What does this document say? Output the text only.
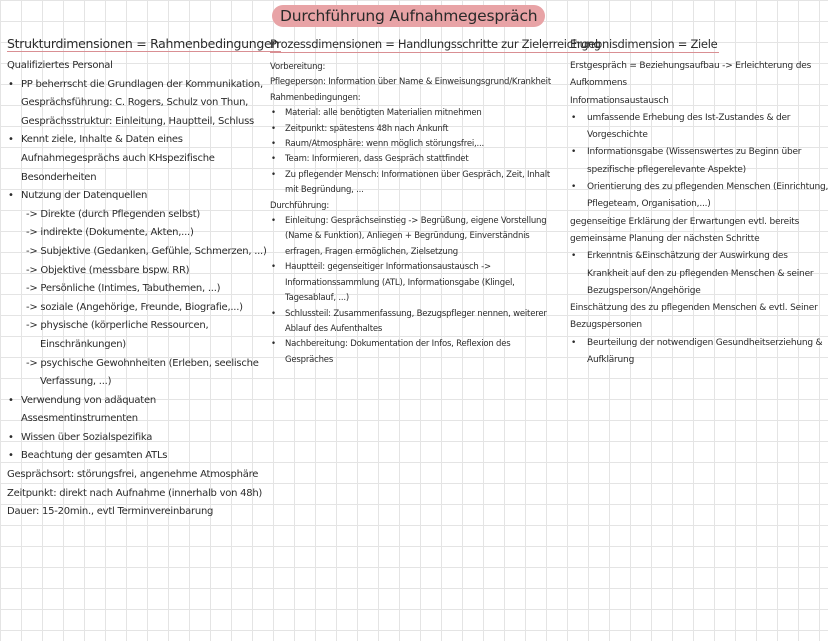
Durchführung Aufnahmegespräch
Strukturdimensionen = Rahmenbedingungen
Qualifiziertes Personal
• PP beherrscht die Grundlagen der Kommunikation,
Gesprächsführung: C. Rogers, Schulz von Thun,
Gesprächsstruktur: Einleitung, Hauptteil, Schluss
• Kennt ziele, Inhalte & Daten eines
Aufnahmegesprächs auch KHspezifische
Besonderheiten
• Nutzung der Datenquellen
-> Direkte (durch Pflegenden selbst)
-> indirekte (Dokumente, Akten,...)
-> Subjektive (Gedanken, Gefühle, Schmerzen, ...)
-> Objektive (messbare bspw. RR)
-> Persönliche (Intimes, Tabuthemen, ...)
-> soziale (Angehörige, Freunde, Biografie,...)
-> physische (körperliche Ressourcen,
Einschränkungen)
-> psychische Gewohnheiten (Erleben, seelische
Verfassung, ...)
• Verwendung von adäquaten
Assesmentinstrumenten
• Wissen über Sozialspezifika
• Beachtung der gesamten ATLs
Gesprächsort: störungsfrei, angenehme Atmosphäre
Zeitpunkt: direkt nach Aufnahme (innerhalb von 48h)
Dauer: 15-20min., evtl Terminvereinbarung
Prozessdimensionen = Handlungsschritte zur Zielerreichung
Vorbereitung:
Pflegeperson: Information über Name & Einweisungsgrund/Krankheit
Rahmenbedingungen:
• Material: alle benötigten Materialien mitnehmen
• Zeitpunkt: spätestens 48h nach Ankunft
• Raum/Atmosphäre: wenn möglich störungsfrei,...
• Team: Informieren, dass Gespräch stattfindet
• Zu pflegender Mensch: Informationen über Gespräch, Zeit, Inhalt
mit Begründung, ...
Durchführung:
• Einleitung: Gesprächseinstieg -> Begrüßung, eigene Vorstellung
(Name & Funktion), Anliegen + Begründung, Einverständnis
erfragen, Fragen ermöglichen, Zielsetzung
• Hauptteil: gegenseitiger Informationsaustausch ->
Informationssammlung (ATL), Informationsgabe (Klingel,
Tagesablauf, ...)
• Schlussteil: Zusammenfassung, Bezugspfleger nennen, weiterer
Ablauf des Aufenthaltes
• Nachbereitung: Dokumentation der Infos, Reflexion des
Gespräches
Ergebnisdimension = Ziele
Erstgespräch = Beziehungsaufbau -> Erleichterung des
Aufkommens
Informationsaustausch
• umfassende Erhebung des Ist-Zustandes & der
Vorgeschichte
• Informationsgabe (Wissenswertes zu Beginn über
spezifische pflegerelevante Aspekte)
• Orientierung des zu pflegenden Menschen (Einrichtung,
Pflegeteam, Organisation,...)
gegenseitige Erklärung der Erwartungen evtl. bereits
gemeinsame Planung der nächsten Schritte
• Erkenntnis &Einschätzung der Auswirkung des
Krankheit auf den zu pflegenden Menschen & seiner
Bezugsperson/Angehörige
Einschätzung des zu pflegenden Menschen & evtl. Seiner
Bezugspersonen
• Beurteilung der notwendigen Gesundheitserziehung &
Aufklärung
